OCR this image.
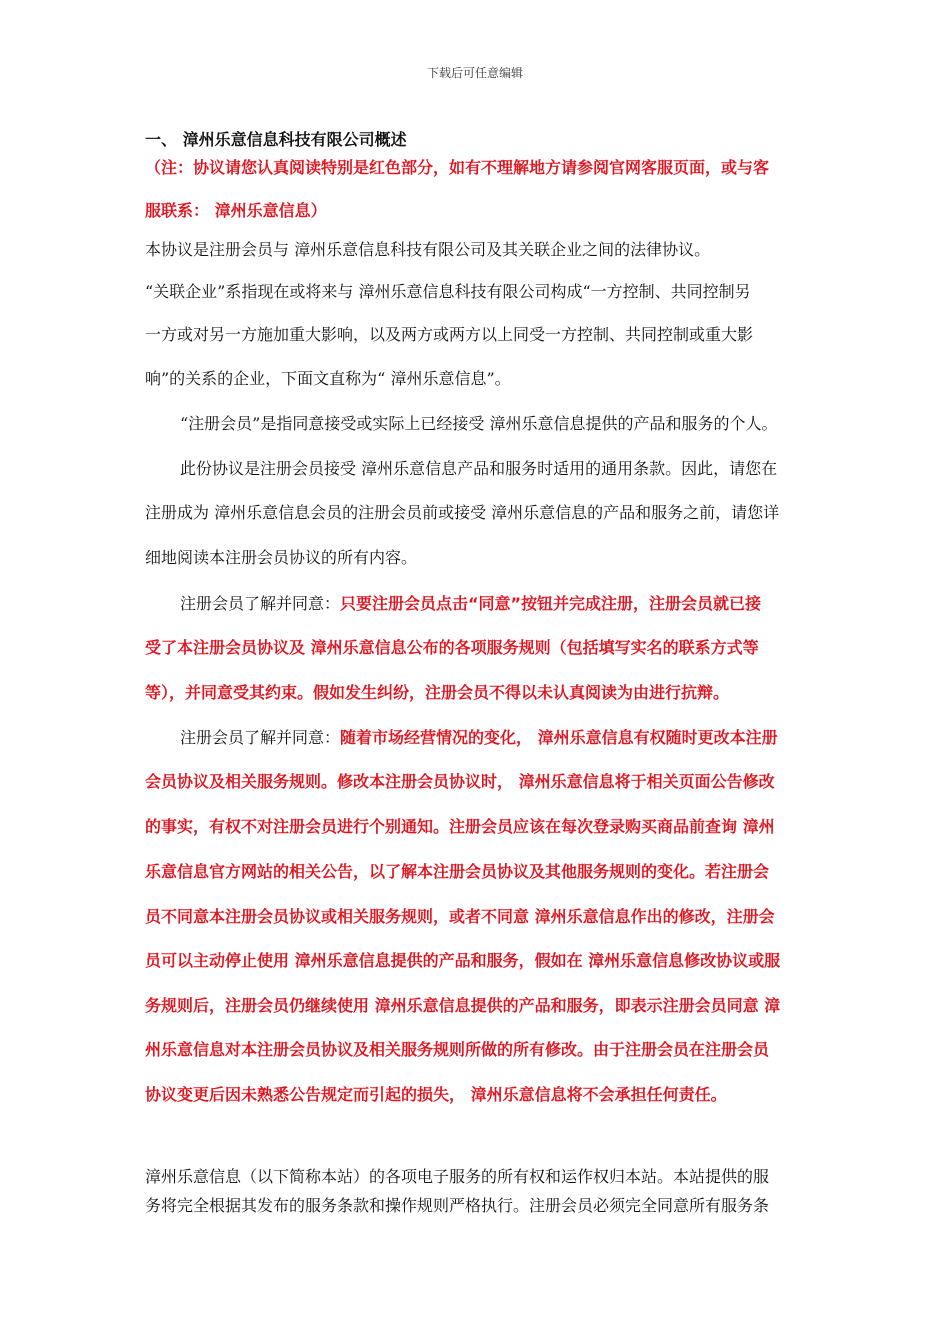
下载后可任意编辑
一、 漳州乐意信息科技有限公司概述
（注：协议请您认真阅读特别是红色部分，如有不理解地方请参阅官网客服页面，或与客
服联系： 漳州乐意信息）
本协议是注册会员与 漳州乐意信息科技有限公司及其关联企业之间的法律协议。
“关联企业”系指现在或将来与 漳州乐意信息科技有限公司构成“一方控制、共同控制另
一方或对另一方施加重大影响，以及两方或两方以上同受一方控制、共同控制或重大影
响”的关系的企业，下面文直称为“ 漳州乐意信息”。
“注册会员”是指同意接受或实际上已经接受 漳州乐意信息提供的产品和服务的个人。
此份协议是注册会员接受 漳州乐意信息产品和服务时适用的通用条款。因此，请您在
注册成为 漳州乐意信息会员的注册会员前或接受 漳州乐意信息的产品和服务之前，请您详
细地阅读本注册会员协议的所有内容。
注册会员了解并同意：只要注册会员点击“同意”按钮并完成注册，注册会员就已接
受了本注册会员协议及 漳州乐意信息公布的各项服务规则（包括填写实名的联系方式等
等），并同意受其约束。假如发生纠纷，注册会员不得以未认真阅读为由进行抗辩。
注册会员了解并同意：随着市场经营情况的变化， 漳州乐意信息有权随时更改本注册
会员协议及相关服务规则。修改本注册会员协议时， 漳州乐意信息将于相关页面公告修改
的事实，有权不对注册会员进行个别通知。注册会员应该在每次登录购买商品前查询 漳州
乐意信息官方网站的相关公告，以了解本注册会员协议及其他服务规则的变化。若注册会
员不同意本注册会员协议或相关服务规则，或者不同意 漳州乐意信息作出的修改，注册会
员可以主动停止使用 漳州乐意信息提供的产品和服务，假如在 漳州乐意信息修改协议或服
务规则后，注册会员仍继续使用 漳州乐意信息提供的产品和服务，即表示注册会员同意 漳
州乐意信息对本注册会员协议及相关服务规则所做的所有修改。由于注册会员在注册会员
协议变更后因未熟悉公告规定而引起的损失， 漳州乐意信息将不会承担任何责任。
漳州乐意信息（以下简称本站）的各项电子服务的所有权和运作权归本站。本站提供的服
务将完全根据其发布的服务条款和操作规则严格执行。注册会员必须完全同意所有服务条
